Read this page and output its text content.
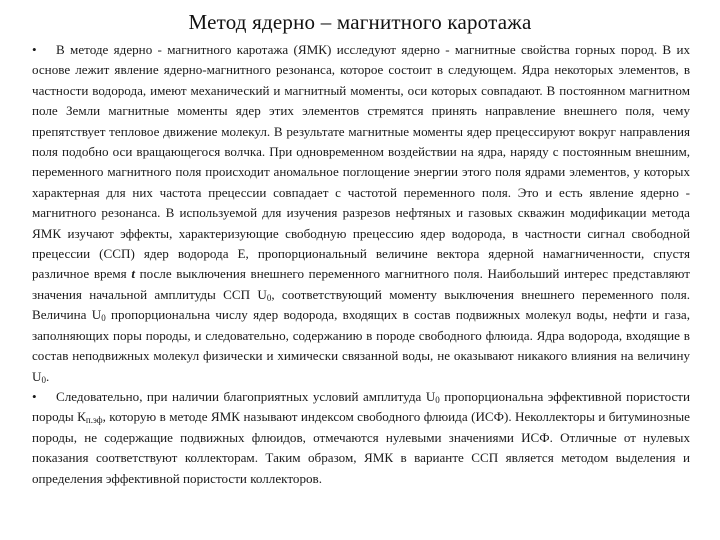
Метод ядерно – магнитного каротажа

• В методе ядерно - магнитного каротажа (ЯМК) исследуют ядерно - магнитные свойства горных пород. В их основе лежит явление ядерно-магнитного резонанса, которое состоит в следующем. Ядра некоторых элементов, в частности водорода, имеют механический и магнитный моменты, оси которых совпадают. В постоянном магнитном поле Земли магнитные моменты ядер этих элементов стремятся принять направление внешнего поля, чему препятствует тепловое движение молекул. В результате магнитные моменты ядер прецессируют вокруг направления поля подобно оси вращающегося волчка. При одновременном воздействии на ядра, наряду с постоянным внешним, переменного магнитного поля происходит аномальное поглощение энергии этого поля ядрами элементов, у которых характерная для них частота прецессии совпадает с частотой переменного поля. Это и есть явление ядерно - магнитного резонанса. В используемой для изучения разрезов нефтяных и газовых скважин модификации метода ЯМК изучают эффекты, характеризующие свободную прецессию ядер водорода, в частности сигнал свободной прецессии (ССП) ядер водорода Е, пропорциональный величине вектора ядерной намагниченности, спустя различное время t после выключения внешнего переменного магнитного поля. Наибольший интерес представляют значения начальной амплитуды ССП $U_0$, соответствующий моменту выключения внешнего переменного поля. Величина $U_0$ пропорциональна числу ядер водорода, входящих в состав подвижных молекул воды, нефти и газа, заполняющих поры породы, и следовательно, содержанию в породе свободного флюида. Ядра водорода, входящие в состав неподвижных молекул физически и химически связанной воды, не оказывают никакого влияния на величину $U_0$.

• Следовательно, при наличии благоприятных условий амплитуда $U_0$ пропорциональна эффективной пористости породы $К_{п.эф}$, которую в методе ЯМК называют индексом свободного флюида (ИСФ). Неколлекторы и битуминозные породы, не содержащие подвижных флюидов, отмечаются нулевыми значениями ИСФ. Отличные от нулевых показания соответствуют коллекторам. Таким образом, ЯМК в варианте ССП является методом выделения и определения эффективной пористости коллекторов.
